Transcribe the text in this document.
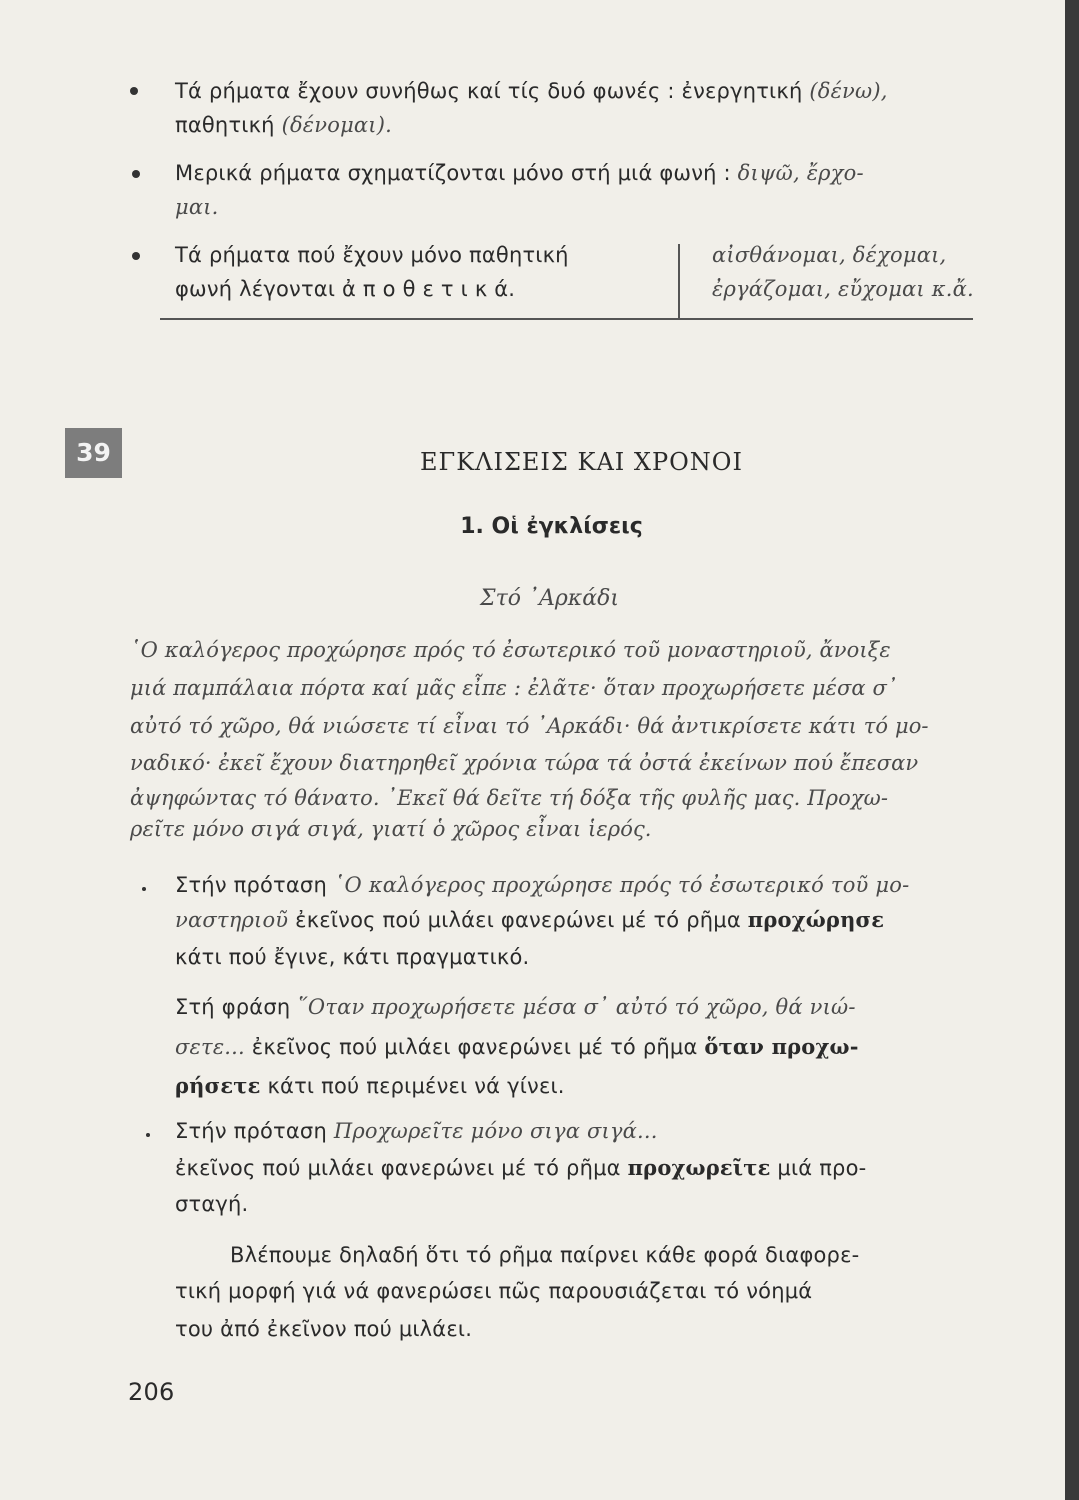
Τά ρήματα ἔχουν συνήθως καί τίς δυό φωνές : ἐνεργητική (δένω),
παθητική (δένομαι).
Μερικά ρήματα σχηματίζονται μόνο στή μιά φωνή : διψῶ, ἔρχο-
μαι.
Τά ρήματα πού ἔχουν μόνο παθητική
φωνή λέγονται ἀ π ο θ ε τ ι κ ά.
αἰσθάνομαι, δέχομαι,
ἐργάζομαι, εὔχομαι κ.ἄ.
39	ΕΓΚΛΙΣΕΙΣ ΚΑΙ ΧΡΟΝΟΙ
1. Οἱ ἐγκλίσεις
Στό ᾿Αρκάδι
῾Ο καλόγερος προχώρησε πρός τό ἐσωτερικό τοῦ μοναστηριοῦ, ἄνοιξε
μιά παμπάλαια πόρτα καί μᾶς εἶπε : ἐλᾶτε· ὅταν προχωρήσετε μέσα σ᾿
αὐτό τό χῶρο, θά νιώσετε τί εἶναι τό ᾿Αρκάδι· θά ἀντικρίσετε κάτι τό μο-
ναδικό· ἐκεῖ ἔχουν διατηρηθεῖ χρόνια τώρα τά ὀστά ἐκείνων πού ἔπεσαν
ἀψηφώντας τό θάνατο. ᾿Εκεῖ θά δεῖτε τή δόξα τῆς φυλῆς μας. Προχω-
ρεῖτε μόνο σιγά σιγά, γιατί ὁ χῶρος εἶναι ἱερός.
Στήν πρόταση ῾Ο καλόγερος προχώρησε πρός τό ἐσωτερικό τοῦ μο-
ναστηριοῦ ἐκεῖνος πού μιλάει φανερώνει μέ τό ρῆμα προχώρησε
κάτι πού ἔγινε, κάτι πραγματικό.
Στή φράση ῞Οταν προχωρήσετε μέσα σ᾿ αὐτό τό χῶρο, θά νιώ-
σετε... ἐκεῖνος πού μιλάει φανερώνει μέ τό ρῆμα ὅταν προχω-
ρήσετε κάτι πού περιμένει νά γίνει.
Στήν πρόταση Προχωρεῖτε μόνο σιγα σιγά...
ἐκεῖνος πού μιλάει φανερώνει μέ τό ρῆμα προχωρεῖτε μιά προ-
σταγή.
Βλέπουμε δηλαδή ὅτι τό ρῆμα παίρνει κάθε φορά διαφορε-
τική μορφή γιά νά φανερώσει πῶς παρουσιάζεται τό νόημά
του ἀπό ἐκεῖνον πού μιλάει.
206
